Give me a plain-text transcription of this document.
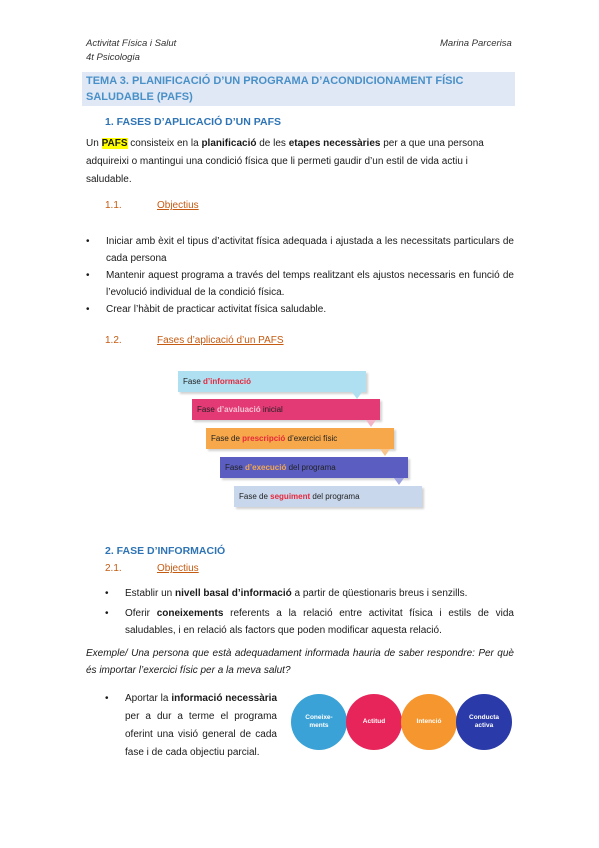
Activitat Física i Salut
4t Psicologia
Marina Parcerisa
TEMA 3. PLANIFICACIÓ D’UN PROGRAMA D’ACONDICIONAMENT FÍSIC SALUDABLE (PAFS)
1. FASES D’APLICACIÓ D’UN PAFS
Un PAFS consisteix en la planificació de les etapes necessàries per a que una persona adquireixi o mantingui una condició física que li permeti gaudir d’un estil de vida actiu i saludable.
1.1.	Objectius
• Iniciar amb èxit el tipus d’activitat física adequada i ajustada a les necessitats particulars de cada persona
• Mantenir aquest programa a través del temps realitzant els ajustos necessaris en funció de l’evolució individual de la condició física.
• Crear l’hàbit de practicar activitat física saludable.
1.2.	Fases d’aplicació d’un PAFS
Fase d’informació
Fase d’avaluació inicial
Fase de prescripció d’exercici físic
Fase d’execució del programa
Fase de seguiment del programa
2. FASE D’INFORMACIÓ
2.1.	Objectius
• Establir un nivell basal d’informació a partir de qüestionaris breus i senzills.
• Oferir coneixements referents a la relació entre activitat física i estils de vida saludables, i en relació als factors que poden modificar aquesta relació.
Exemple/ Una persona que està adequadament informada hauria de saber respondre: Per què és importar l’exercici físic per a la meva salut?
• Aportar la informació necessària per a dur a terme el programa oferint una visió general de cada fase i de cada objectiu parcial.
Coneixe-
ments
Actitud	Intenció
Conducta
activa
